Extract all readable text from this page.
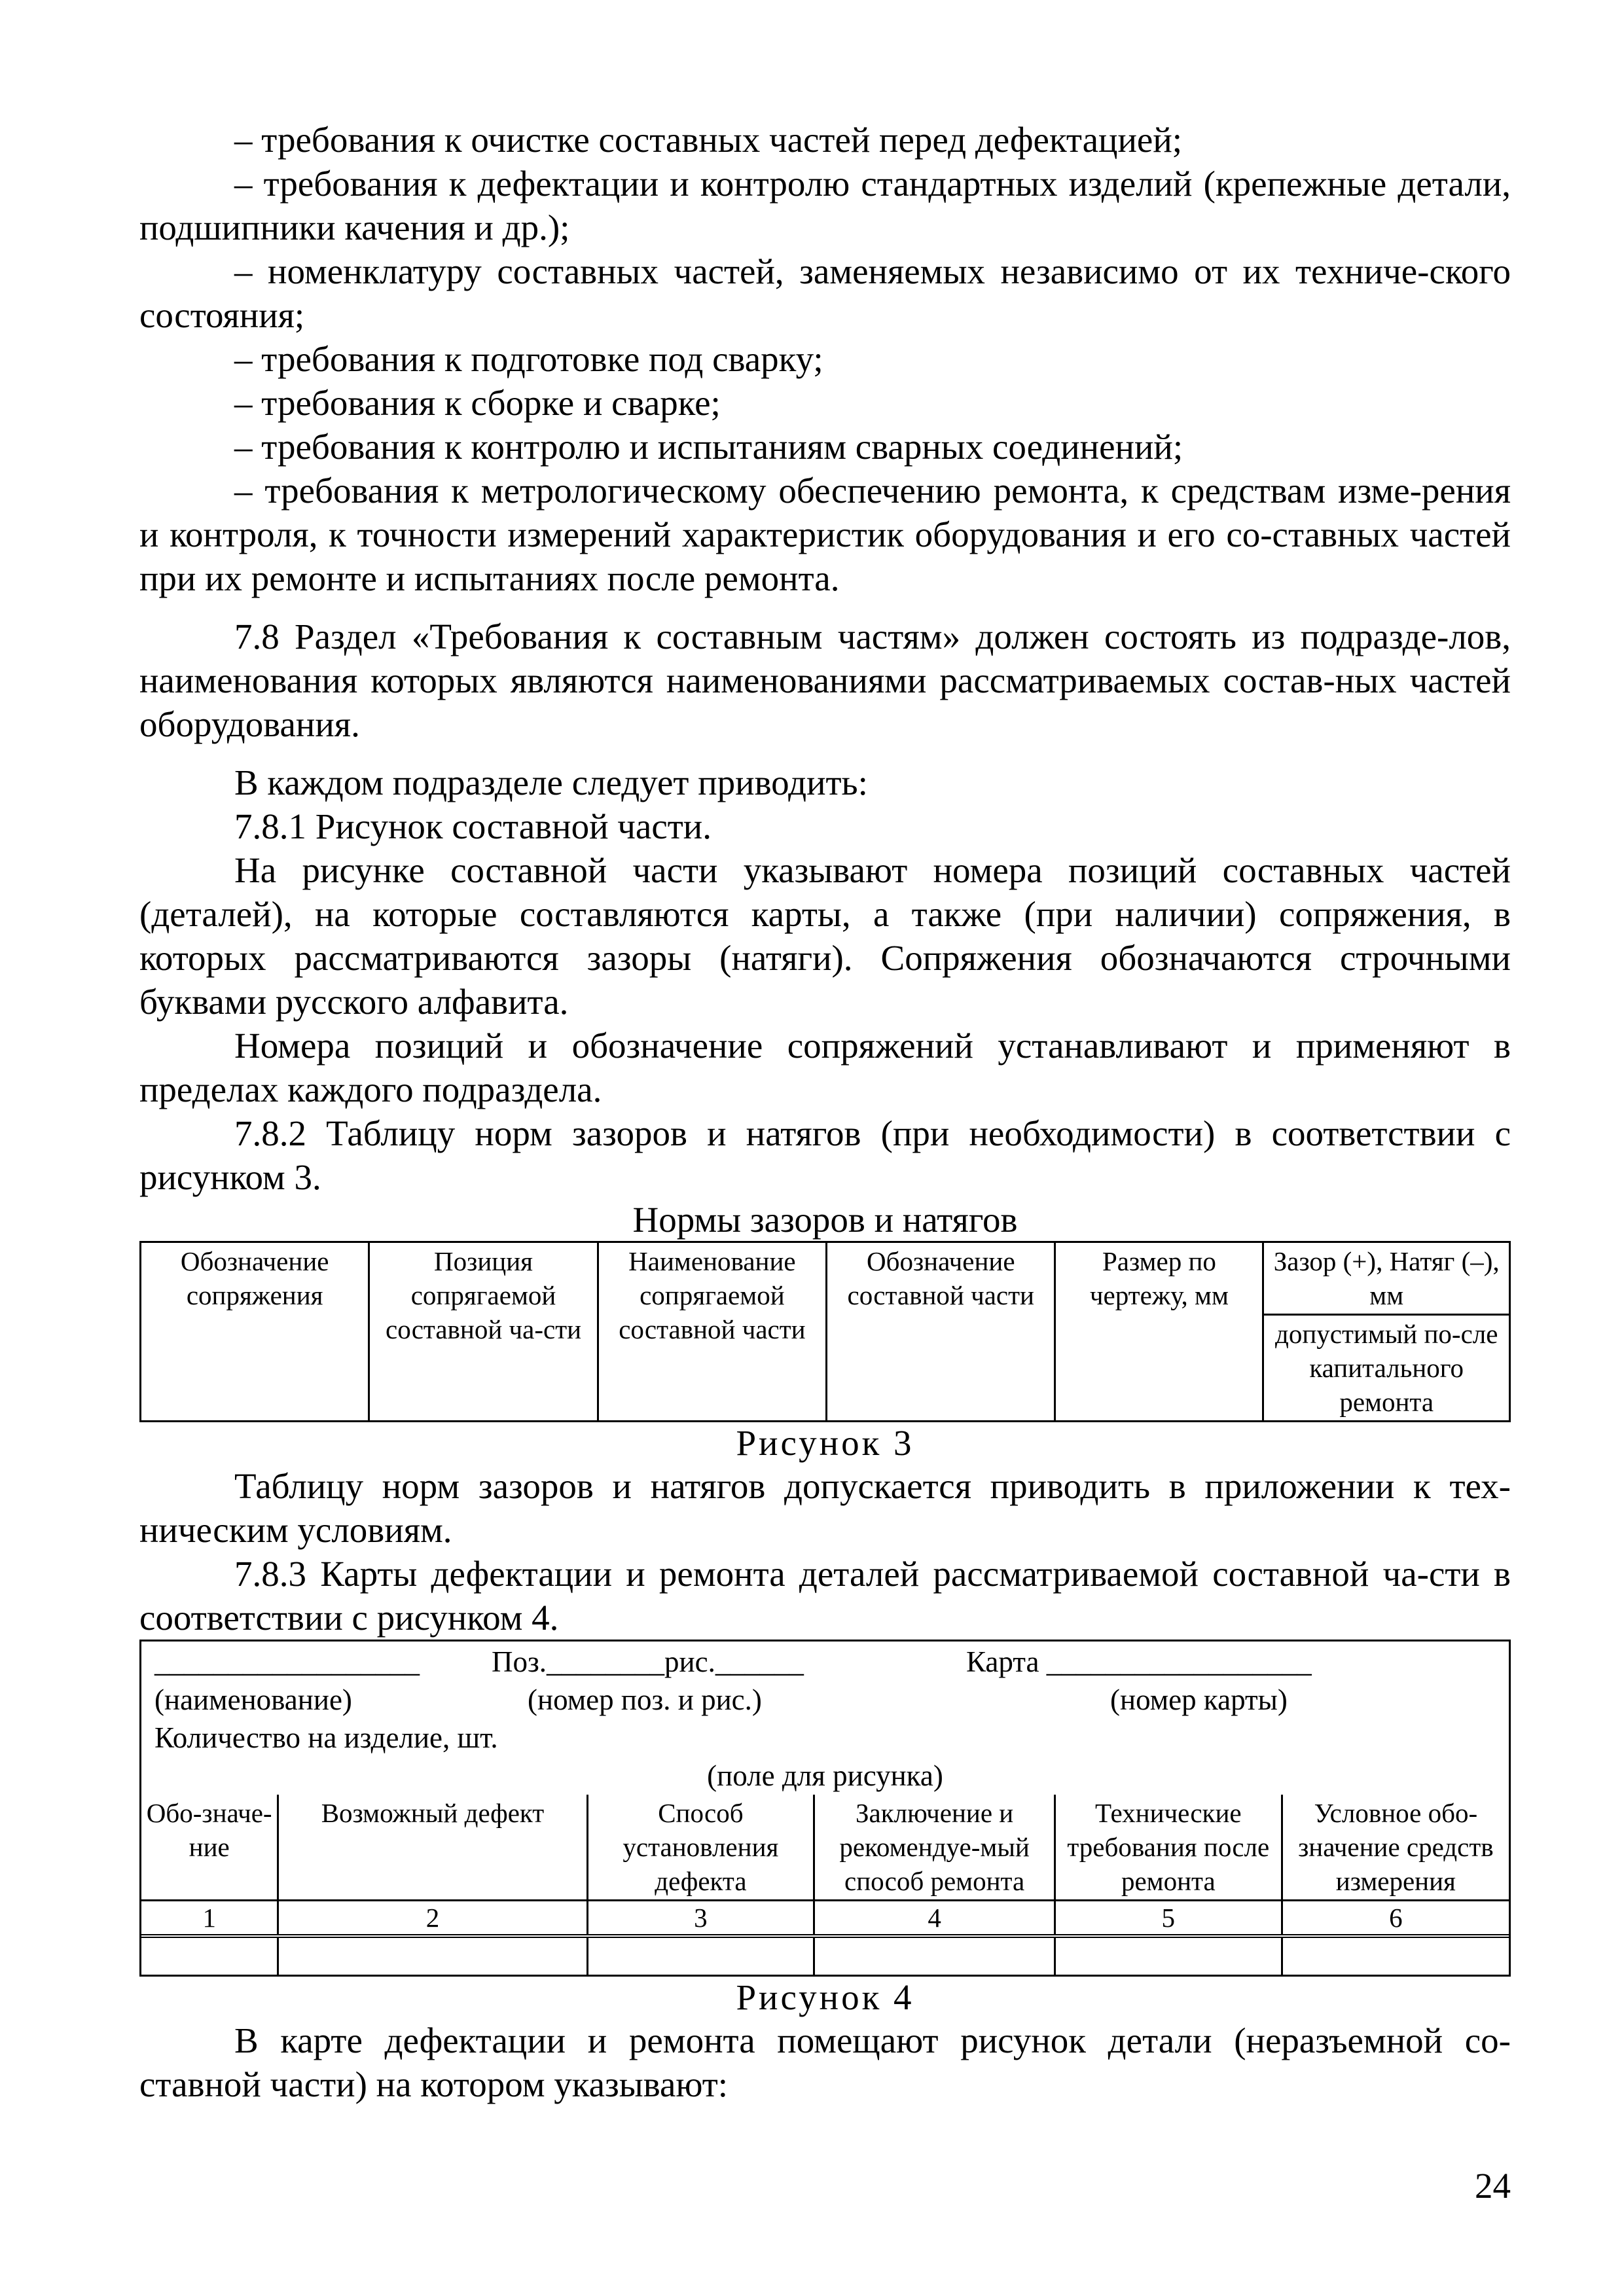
– требования к очистке составных частей перед дефектацией;

– требования к дефектации и контролю стандартных изделий (крепежные детали, подшипники качения и др.);

– номенклатуру составных частей, заменяемых независимо от их техниче-ского состояния;

– требования к подготовке под сварку;

– требования к сборке и сварке;

– требования к контролю и испытаниям сварных соединений;

– требования к метрологическому обеспечению ремонта, к средствам изме-рения и контроля, к точности измерений характеристик оборудования и его со-ставных частей при их ремонте и испытаниях после ремонта.

7.8 Раздел «Требования к составным частям» должен состоять из подразде-лов, наименования которых являются наименованиями рассматриваемых состав-ных частей оборудования.

В каждом подразделе следует приводить:

7.8.1 Рисунок составной части.

На рисунке составной части указывают номера позиций составных частей (деталей), на которые составляются карты, а также (при наличии) сопряжения, в которых рассматриваются зазоры (натяги). Сопряжения обозначаются строчными буквами русского алфавита.

Номера позиций и обозначение сопряжений устанавливают и применяют в пределах каждого подраздела.

7.8.2 Таблицу норм зазоров и натягов (при необходимости) в соответствии с рисунком 3.

Нормы зазоров и натягов

Обозначение сопряжения	Позиция сопрягаемой составной ча-сти	Наименование сопрягаемой составной части	Обозначение составной части	Размер по чертежу, мм	Зазор (+), Натяг (–), мм
допустимый по-сле капитального ремонта

Рисунок 3

Таблицу норм зазоров и натягов допускается приводить в приложении к тех-ническим условиям.

7.8.3 Карты дефектации и ремонта деталей рассматриваемой составной ча-сти в соответствии с рисунком 4.

__________________ Поз.________рис.______	Карта __________________
(наименование)	(номер поз. и рис.)	(номер карты)
Количество на изделие, шт.
(поле для рисунка)
Обо-значе-ние	Возможный дефект	Способ установления дефекта	Заключение и рекомендуе-мый способ ремонта	Технические требования после ремонта	Условное обо-значение средств измерения
1	2	3	4	5	6

Рисунок 4

В карте дефектации и ремонта помещают рисунок детали (неразъемной со-ставной части) на котором указывают:

24
